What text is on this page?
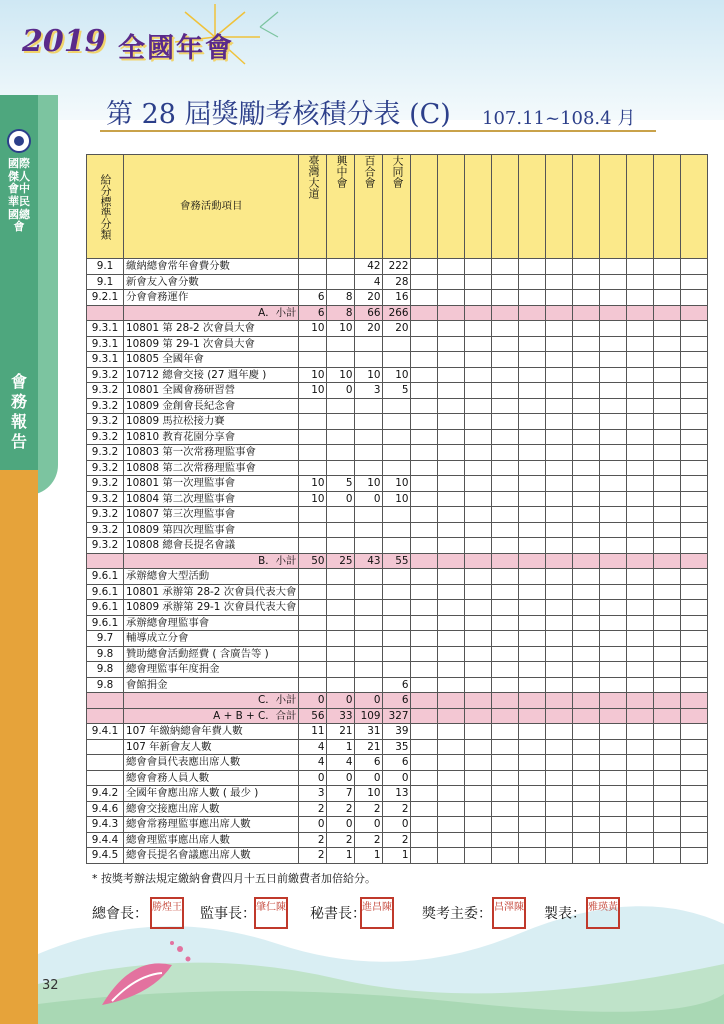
國際傑人會中華民國總會
會務報告
2019 全國年會
第 28 屆獎勵考核積分表 (C) 107.11~108.4 月
給分標準分類	會務活動項目	臺灣大道	興中會	百合會	大同會											

9.1	繳納總會常年會費分數			42	222											
9.1	新會友入會分數			4	28											
9.2.1	分會會務運作	6	8	20	16											
	A．小計	6	8	66	266											
9.3.1	10801 第 28-2 次會員大會	10	10	20	20											
9.3.1	10809 第 29-1 次會員大會															
9.3.1	10805 全國年會															
9.3.2	10712 總會交接 (27 週年慶 )	10	10	10	10											
9.3.2	10801 全國會務研習營	10	0	3	5											
9.3.2	10809 金創會長紀念會															
9.3.2	10809 馬拉松接力賽															
9.3.2	10810 教育花園分享會															
9.3.2	10803 第一次常務理監事會															
9.3.2	10808 第二次常務理監事會															
9.3.2	10801 第一次理監事會	10	5	10	10											
9.3.2	10804 第二次理監事會	10	0	0	10											
9.3.2	10807 第三次理監事會															
9.3.2	10809 第四次理監事會															
9.3.2	10808 總會長提名會議															
	B．小計	50	25	43	55											
9.6.1	承辦總會大型活動															
9.6.1	10801 承辦第 28-2 次會員代表大會															
9.6.1	10809 承辦第 29-1 次會員代表大會															
9.6.1	承辦總會理監事會															
9.7	輔導成立分會															
9.8	贊助總會活動經費 ( 含廣告等 )															
9.8	總會理監事年度捐金															
9.8	會館捐金				6											
	C．小計	0	0	0	6											
	A + B + C．合計	56	33	109	327											
9.4.1	107 年繳納總會年費人數	11	21	31	39											
	107 年新會友人數	4	1	21	35											
	總會會員代表應出席人數	4	4	6	6											
	總會會務人員人數	0	0	0	0											
9.4.2	全國年會應出席人數 ( 最少 )	3	7	10	13											
9.4.6	總會交接應出席人數	2	2	2	2											
9.4.3	總會常務理監事應出席人數	0	0	0	0											
9.4.4	總會理監事應出席人數	2	2	2	2											
9.4.5	總會長提名會議應出席人數	2	1	1	1											
* 按獎考辦法規定繳納會費四月十五日前繳費者加倍給分。
總會長： 勝煌王 監事長： 肇仁陳 秘書長：
進昌陳 獎考主委： 昌澤陳 製表： 雅瑛黃
32
